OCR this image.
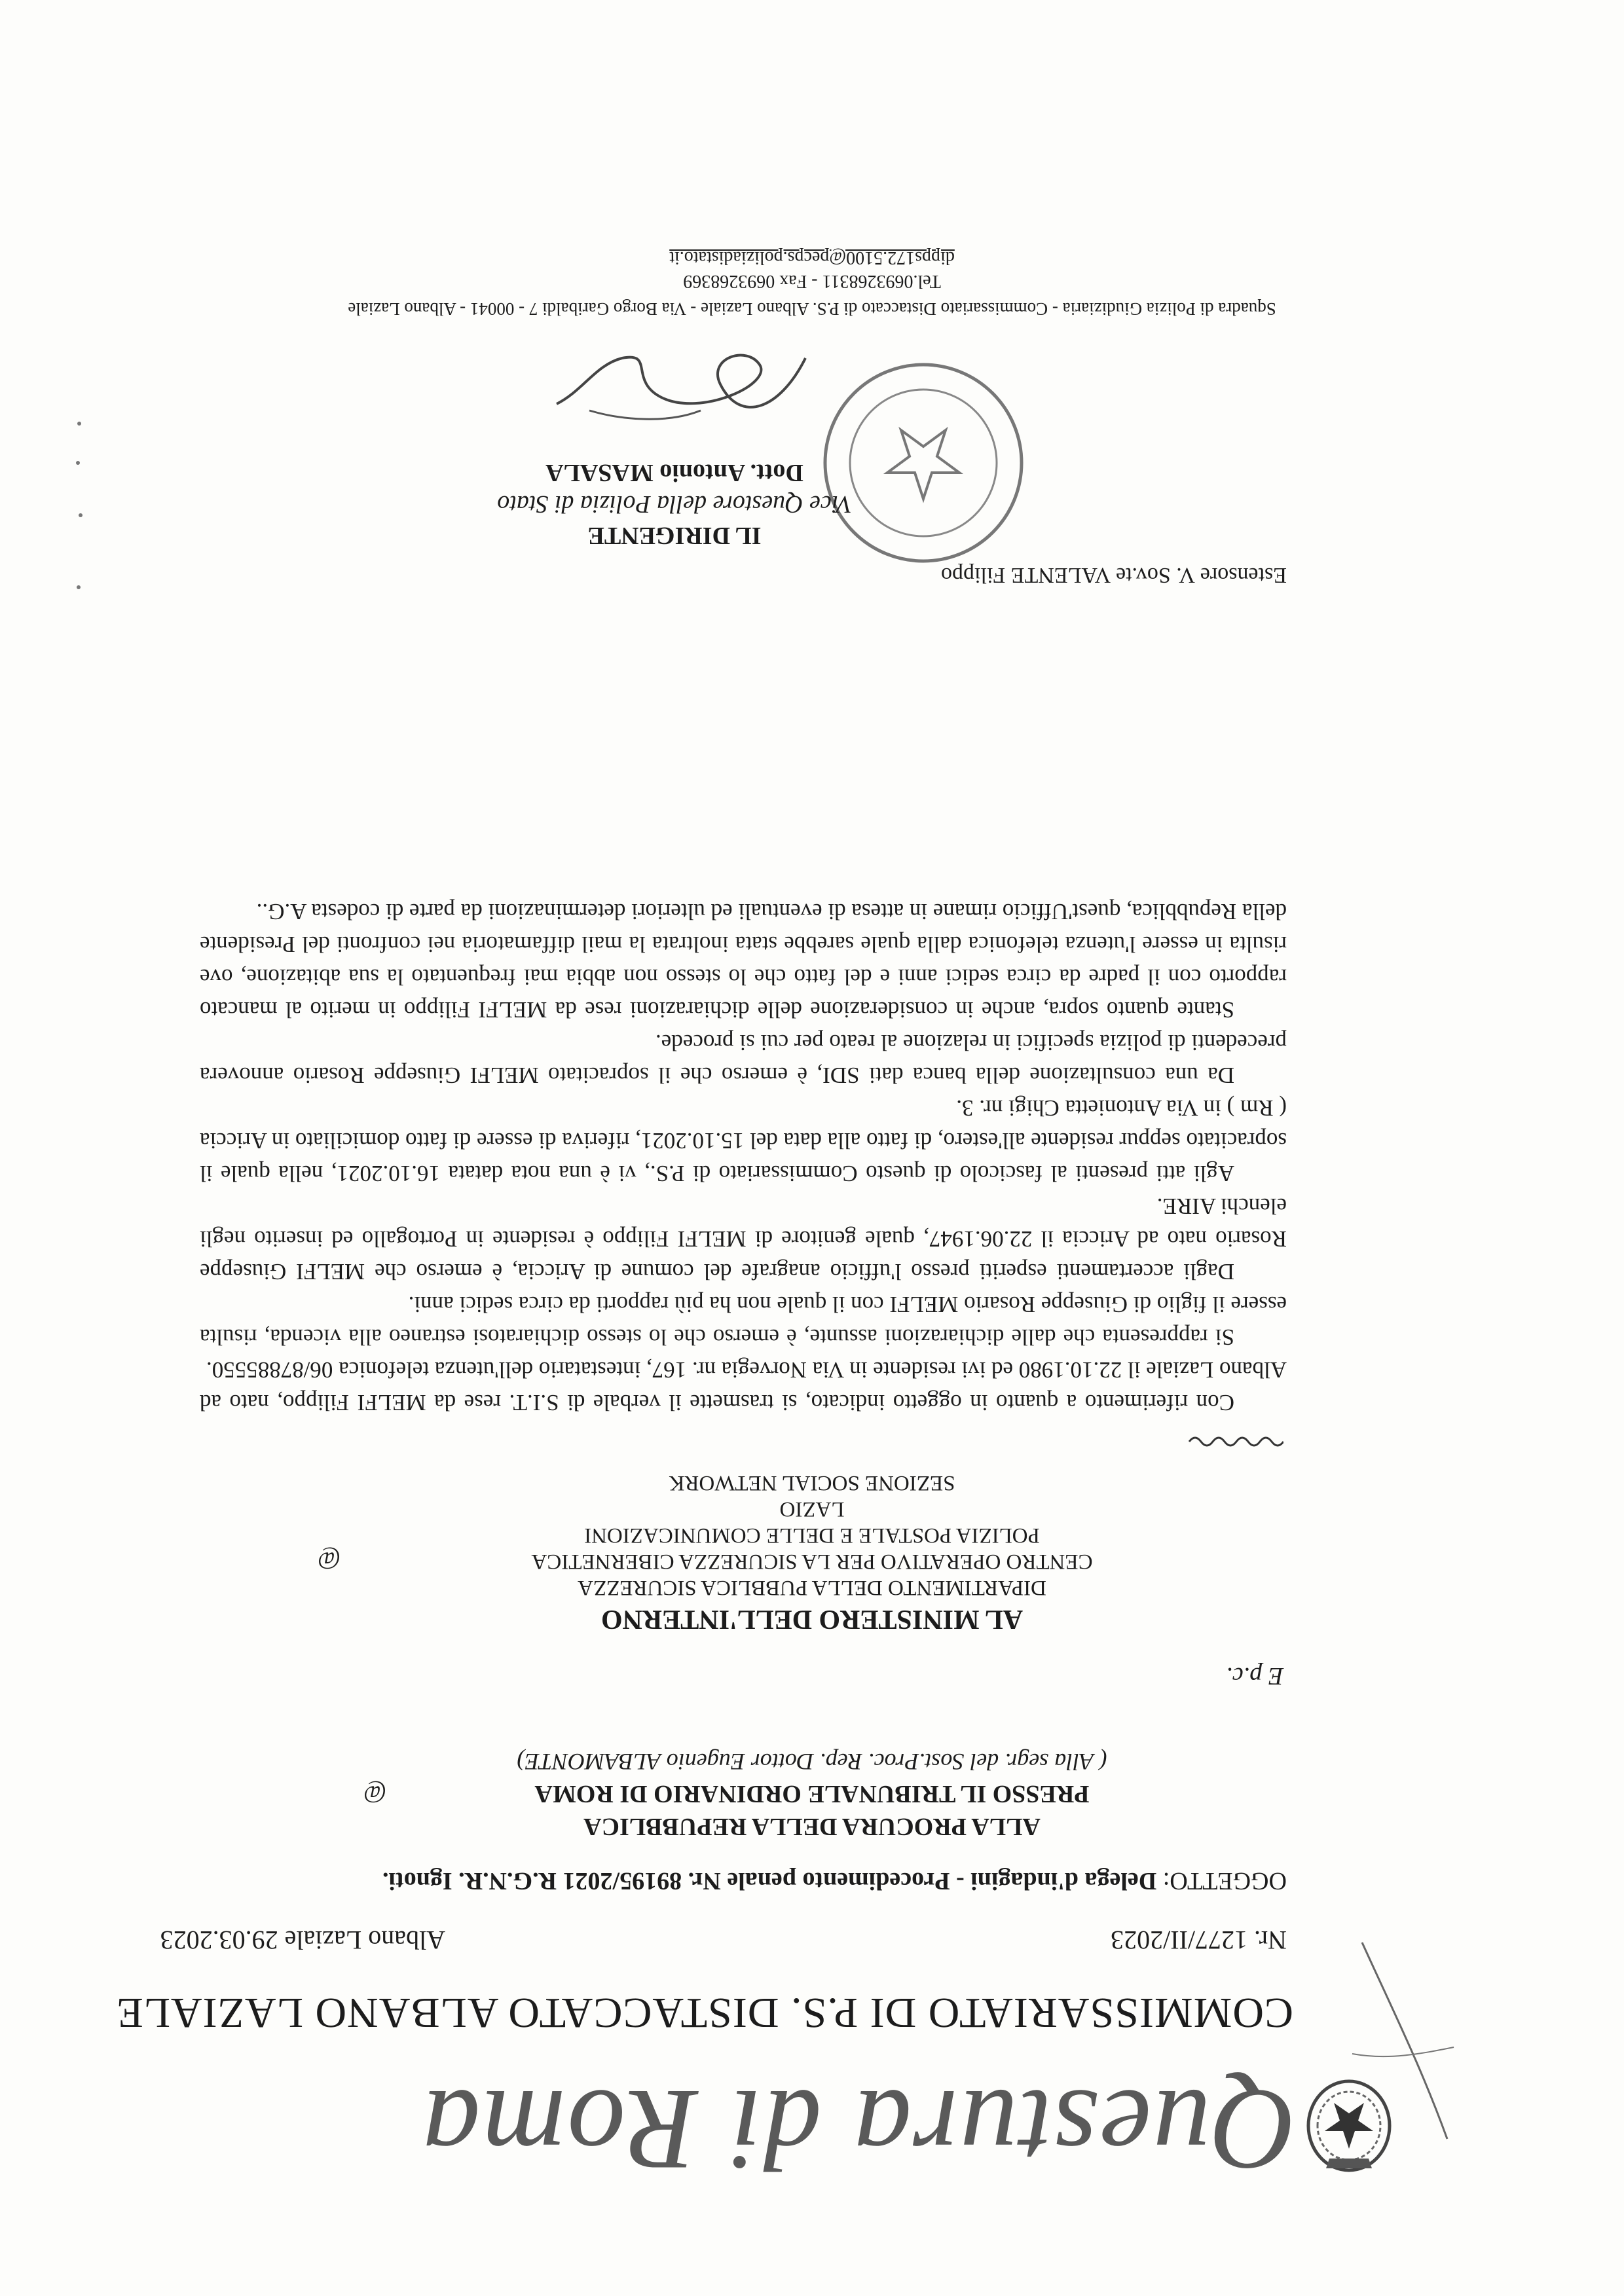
Questura di Roma
COMMISSARIATO DI P.S. DISTACCATO ALBANO LAZIALE
Nr. 1277/II/2023
Albano Laziale 29.03.2023
OGGETTO: Delega d'indagini - Procedimento penale Nr. 89195/2021 R.G.N.R. Ignoti.
@
ALLA PROCURA DELLA REPUBBLICA
PRESSO IL TRIBUNALE ORDINARIO DI ROMA
( Alla segr. del Sost.Proc. Rep. Dottor Eugenio ALBAMONTE)
E p.c.
@
AL MINISTERO DELL'INTERNO
DIPARTIMENTO DELLA PUBBLICA SICUREZZA
CENTRO OPERATIVO PER LA SICUREZZA CIBERNETICA
POLIZIA POSTALE E DELLE COMUNICAZIONI
LAZIO
SEZIONE SOCIAL NETWORK

Con riferimento a quanto in oggetto indicato, si trasmette il verbale di S.I.T. rese da MELFI Filippo, nato ad Albano Laziale il 22.10.1980 ed ivi residente in Via Norvegia nr. 167, intestatario dell'utenza telefonica 06/87885550.

Si rappresenta che dalle dichiarazioni assunte, è emerso che lo stesso dichiaratosi estraneo alla vicenda, risulta essere il figlio di Giuseppe Rosario MELFI con il quale non ha più rapporti da circa sedici anni.

Dagli accertamenti esperiti presso l'ufficio anagrafe del comune di Ariccia, è emerso che MELFI Giuseppe Rosario nato ad Ariccia il 22.06.1947, quale genitore di MELFI Filippo è residente in Portogallo ed inserito negli elenchi AIRE.

Agli atti presenti al fascicolo di questo Commissariato di P.S., vi è una nota datata 16.10.2021, nella quale il sopracitato seppur residente all'estero, di fatto alla data del 15.10.2021, riferiva di essere di fatto domiciliato in Ariccia ( Rm ) in Via Antonietta Chigi nr. 3.

Da una consultazione della banca dati SDI, è emerso che il sopracitato MELFI Giuseppe Rosario annovera precedenti di polizia specifici in relazione al reato per cui si procede.

Stante quanto sopra, anche in considerazione delle dichiarazioni rese da MELFI Filippo in merito al mancato rapporto con il padre da circa sedici anni e del fatto che lo stesso non abbia mai frequentato la sua abitazione, ove risulta in essere l'utenza telefonica dalla quale sarebbe stata inoltrata la mail diffamatoria nei confronti del Presidente della Repubblica, quest'Ufficio rimane in attesa di eventuali ed ulteriori determinazioni da parte di codesta A.G..

Estensore V. Sov.te VALENTE Filippo
IL DIRIGENTE
Vice Questore della Polizia di Stato
Dott. Antonio MASALA
Squadra di Polizia Giudiziaria - Commissariato Distaccato di P.S. Albano Laziale - Via Borgo Garibaldi 7 - 00041 - Albano Laziale
Tel.0693268311 - Fax 0693268369
dipps172.5100@pecps.poliziadistato.it
